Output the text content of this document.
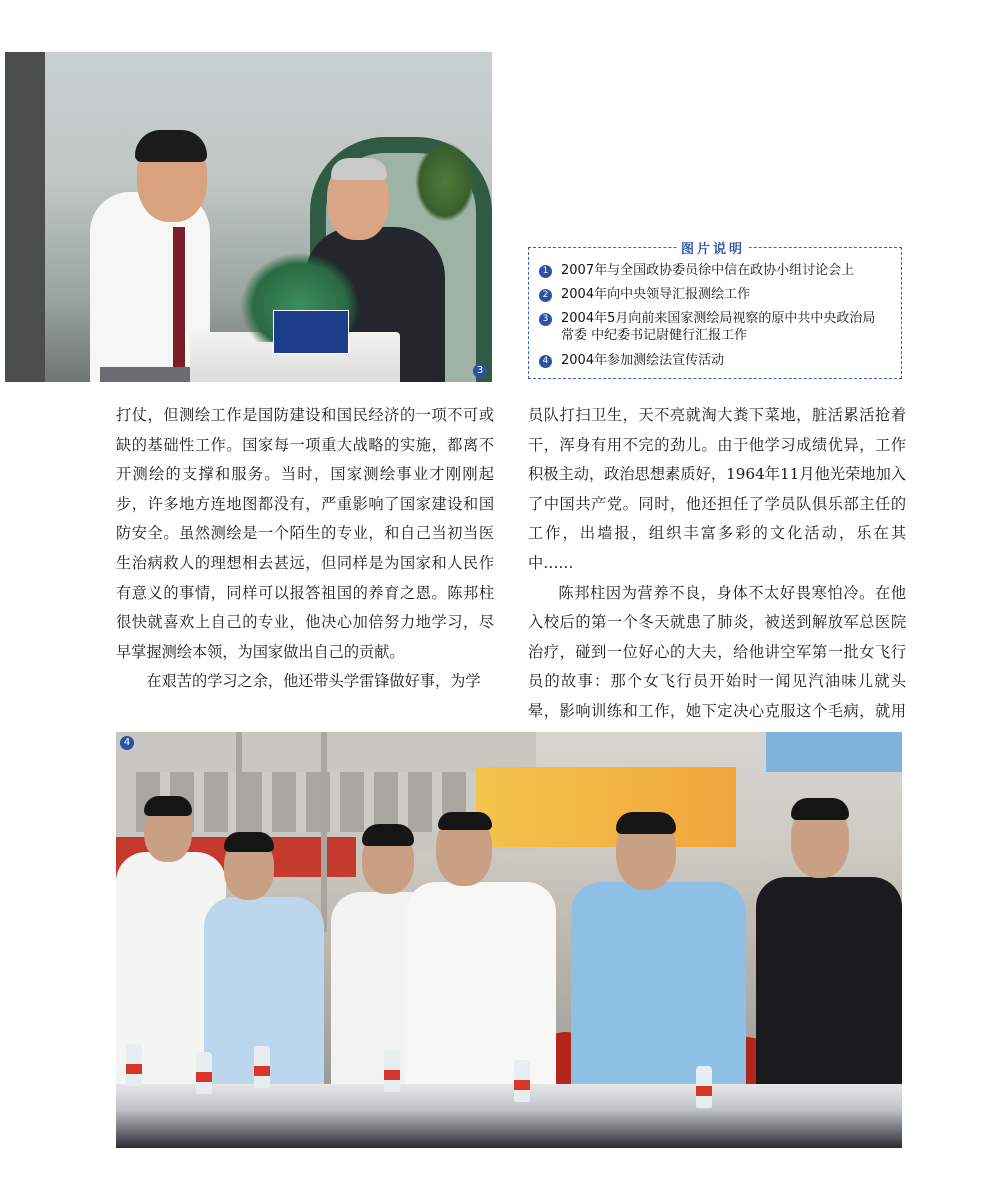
3
图片说明
1 2007年与全国政协委员徐中信在政协小组讨论会上
2 2004年向中央领导汇报测绘工作
3 2004年5月向前来国家测绘局视察的原中共中央政治局常委 中纪委书记尉健行汇报工作
4 2004年参加测绘法宣传活动

打仗，但测绘工作是国防建设和国民经济的一项不可或缺的基础性工作。国家每一项重大战略的实施，都离不开测绘的支撑和服务。当时，国家测绘事业才刚刚起步，许多地方连地图都没有，严重影响了国家建设和国防安全。虽然测绘是一个陌生的专业，和自己当初当医生治病救人的理想相去甚远，但同样是为国家和人民作有意义的事情，同样可以报答祖国的养育之恩。陈邦柱很快就喜欢上自己的专业，他决心加倍努力地学习，尽早掌握测绘本领，为国家做出自己的贡献。

在艰苦的学习之余，他还带头学雷锋做好事，为学

员队打扫卫生，天不亮就淘大粪下菜地，脏活累活抢着干，浑身有用不完的劲儿。由于他学习成绩优异，工作积极主动，政治思想素质好，1964年11月他光荣地加入了中国共产党。同时，他还担任了学员队俱乐部主任的工作，出墙报，组织丰富多彩的文化活动，乐在其中……

陈邦柱因为营养不良，身体不太好畏寒怕冷。在他入校后的第一个冬天就患了肺炎，被送到解放军总医院治疗，碰到一位好心的大夫，给他讲空军第一批女飞行员的故事：那个女飞行员开始时一闻见汽油味儿就头晕，影响训练和工作，她下定决心克服这个毛病，就用

4
